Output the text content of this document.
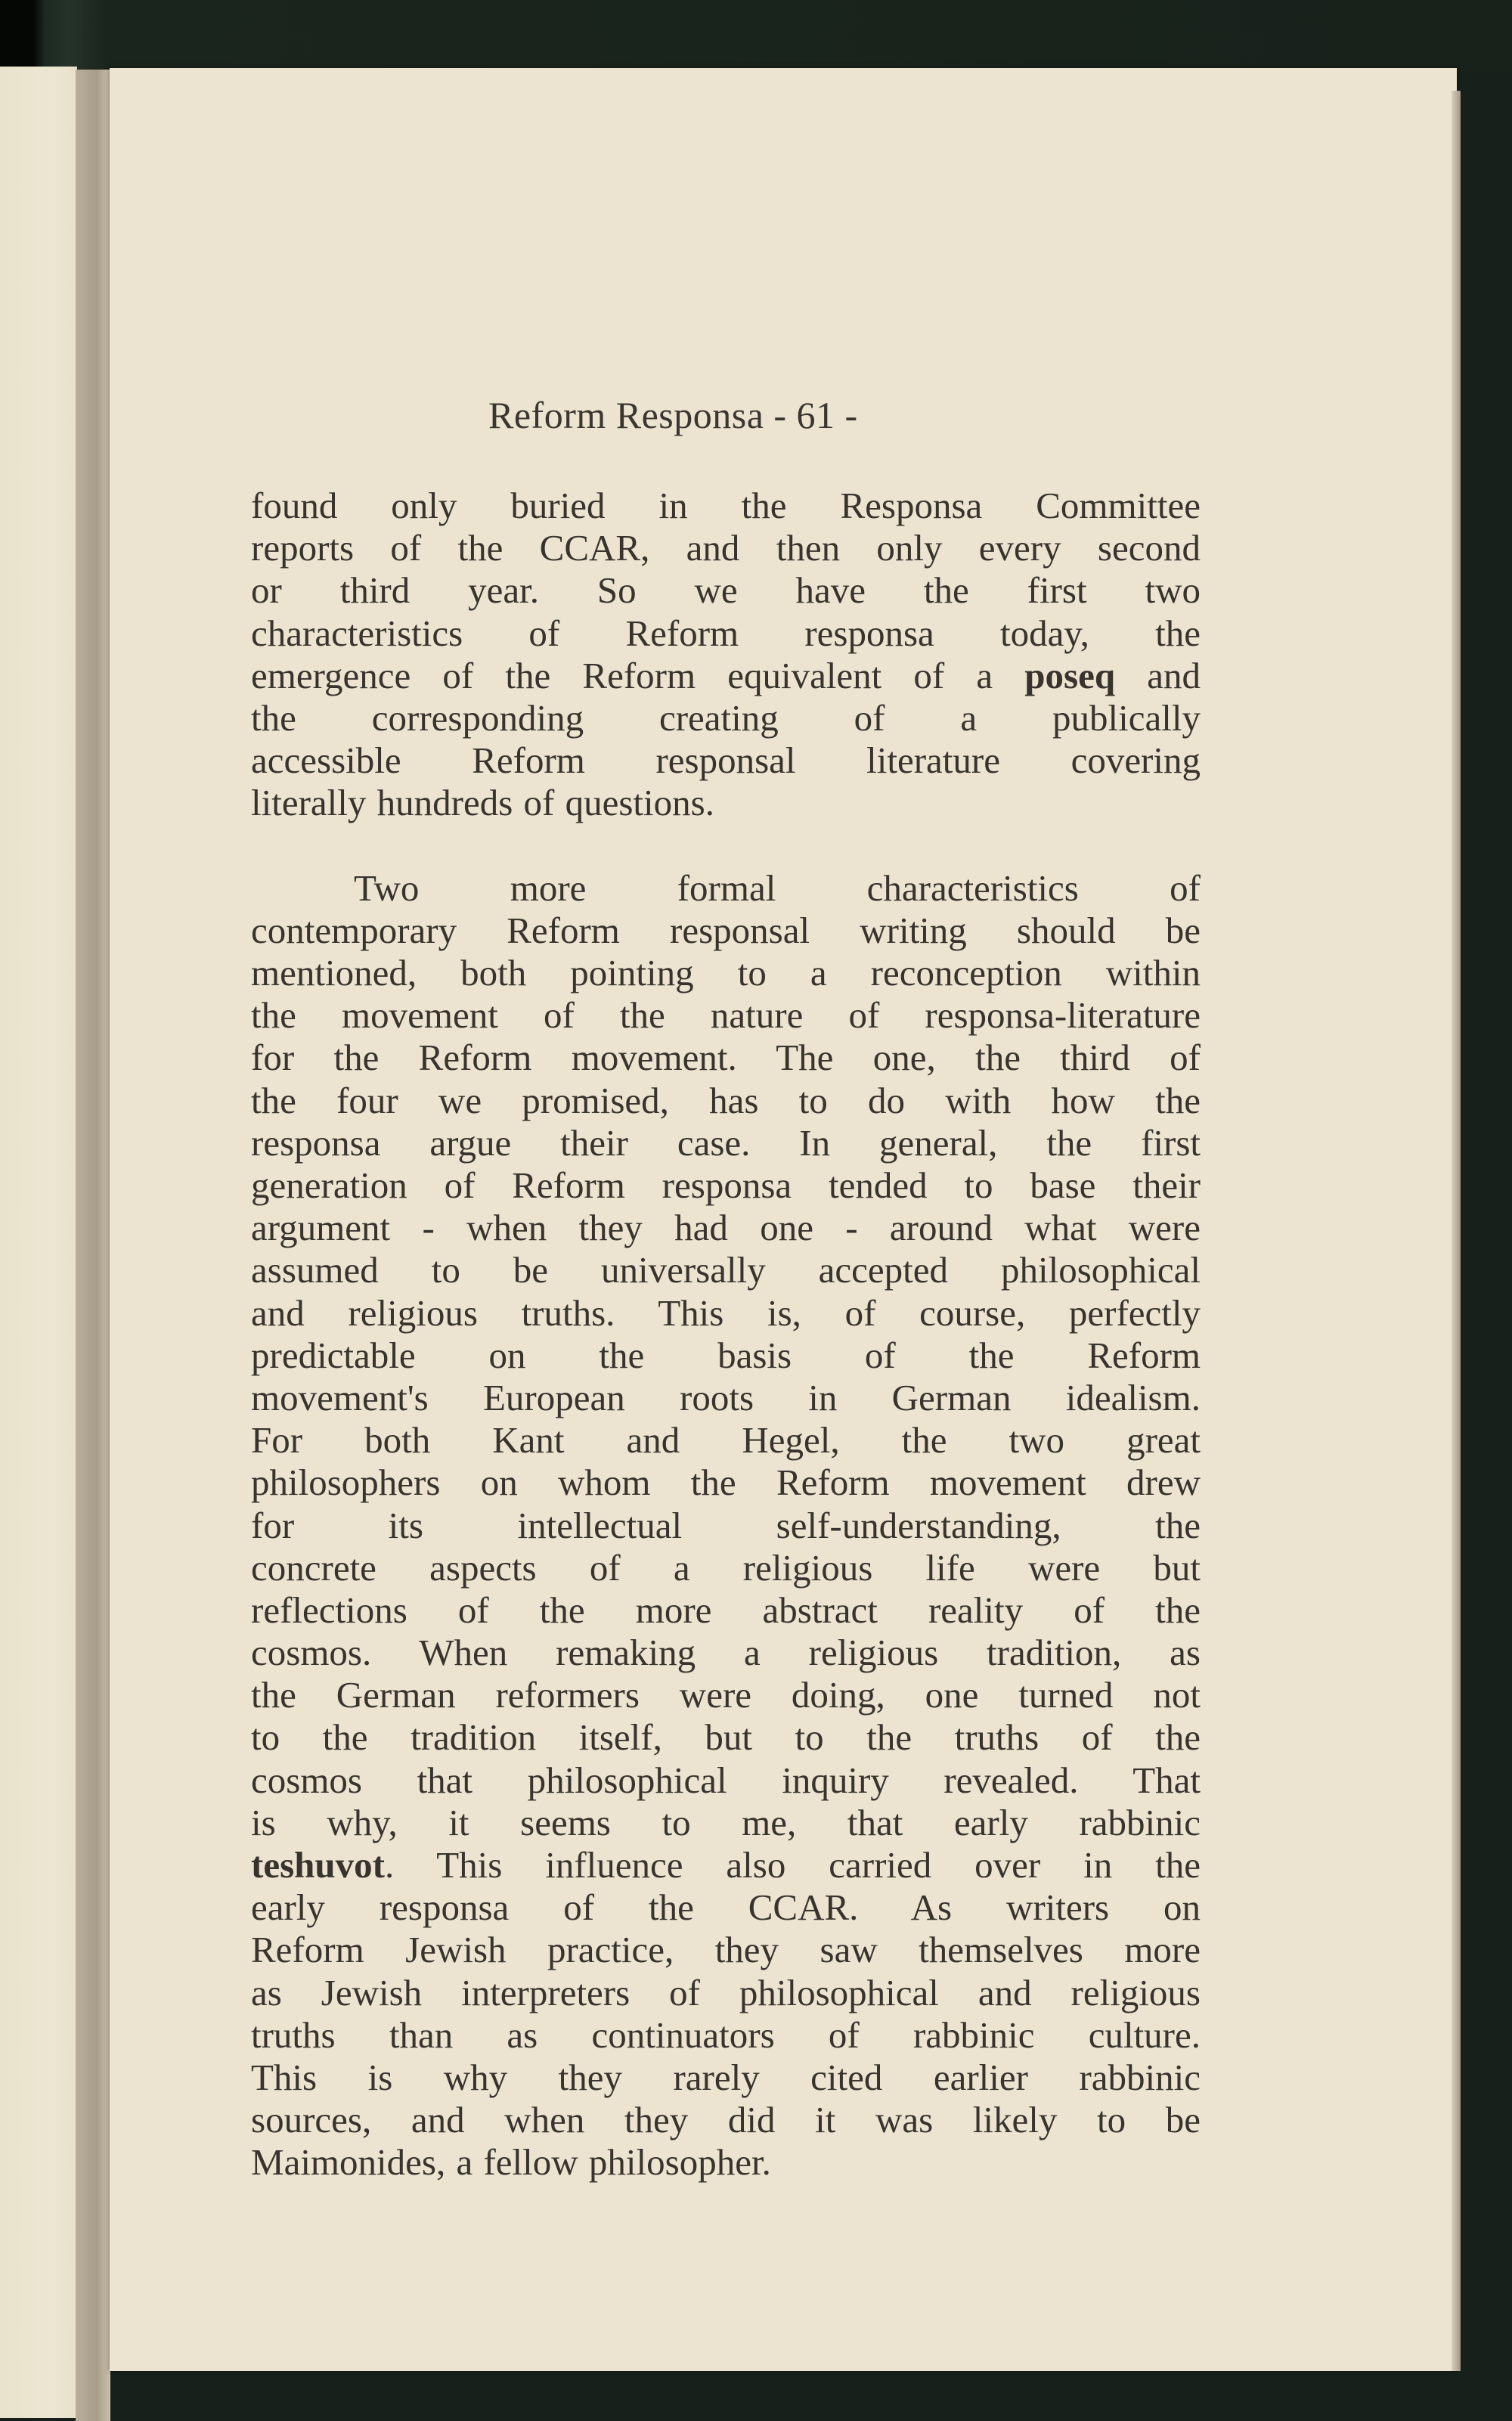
Reform Responsa - 61 -
found only buried in the Responsa Committee
reports of the CCAR, and then only every second
or third year. So we have the first two
characteristics of Reform responsa today, the
emergence of the Reform equivalent of a poseq and
the corresponding creating of a publically
accessible Reform responsal literature covering
literally hundreds of questions.
Two more formal characteristics of
contemporary Reform responsal writing should be
mentioned, both pointing to a reconception within
the movement of the nature of responsa-literature
for the Reform movement. The one, the third of
the four we promised, has to do with how the
responsa argue their case. In general, the first
generation of Reform responsa tended to base their
argument - when they had one - around what were
assumed to be universally accepted philosophical
and religious truths. This is, of course, perfectly
predictable on the basis of the Reform
movement's European roots in German idealism.
For both Kant and Hegel, the two great
philosophers on whom the Reform movement drew
for its intellectual self-understanding, the
concrete aspects of a religious life were but
reflections of the more abstract reality of the
cosmos. When remaking a religious tradition, as
the German reformers were doing, one turned not
to the tradition itself, but to the truths of the
cosmos that philosophical inquiry revealed. That
is why, it seems to me, that early rabbinic
teshuvot. This influence also carried over in the
early responsa of the CCAR. As writers on
Reform Jewish practice, they saw themselves more
as Jewish interpreters of philosophical and religious
truths than as continuators of rabbinic culture.
This is why they rarely cited earlier rabbinic
sources, and when they did it was likely to be
Maimonides, a fellow philosopher.
